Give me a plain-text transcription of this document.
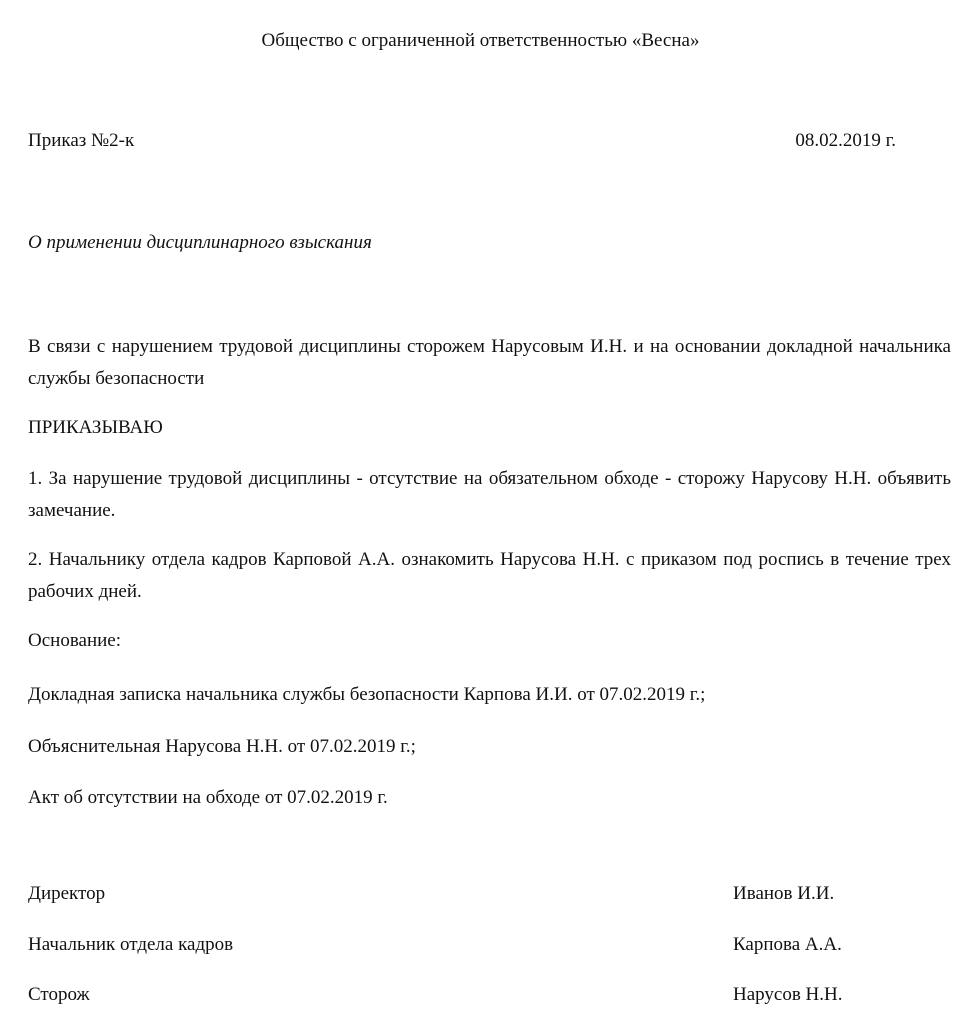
Общество с ограниченной ответственностью «Весна»
Приказ №2-к	08.02.2019 г.
О применении дисциплинарного взыскания
В связи с нарушением трудовой дисциплины сторожем Нарусовым И.Н. и на основании докладной начальника службы безопасности
ПРИКАЗЫВАЮ
1. За нарушение трудовой дисциплины - отсутствие на обязательном обходе - сторожу Нарусову Н.Н. объявить замечание.
2. Начальнику отдела кадров Карповой А.А. ознакомить Нарусова Н.Н. с приказом под роспись в течение трех рабочих дней.
Основание:
Докладная записка начальника службы безопасности Карпова И.И. от 07.02.2019 г.;
Объяснительная Нарусова Н.Н. от 07.02.2019 г.;
Акт об отсутствии на обходе от 07.02.2019 г.
Директор	Иванов И.И.
Начальник отдела кадров	Карпова А.А.
Сторож	Нарусов Н.Н.
